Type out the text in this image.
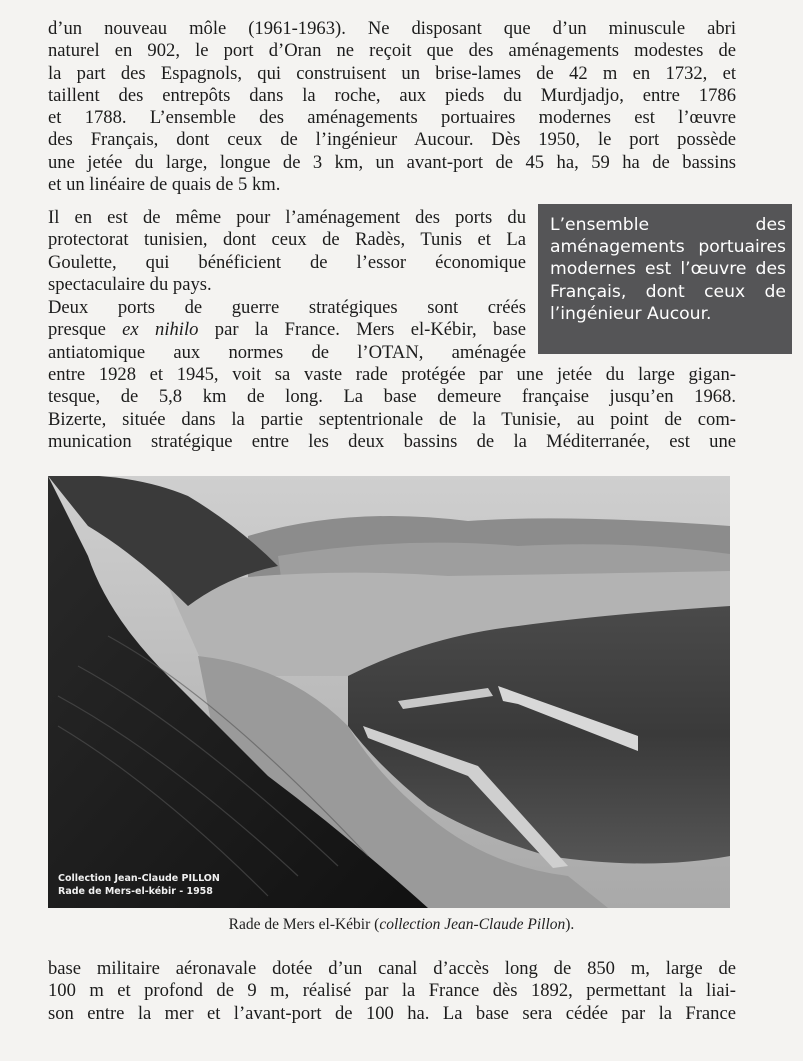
d’un nouveau môle (1961-1963). Ne disposant que d’un minuscule abri
naturel en 902, le port d’Oran ne reçoit que des aménagements modestes de
la part des Espagnols, qui construisent un brise-lames de 42 m en 1732, et
taillent des entrepôts dans la roche, aux pieds du Murdjadjo, entre 1786
et 1788. L’ensemble des aménagements portuaires modernes est l’œuvre
des Français, dont ceux de l’ingénieur Aucour. Dès 1950, le port possède
une jetée du large, longue de 3 km, un avant-port de 45 ha, 59 ha de bassins
et un linéaire de quais de 5 km.
Il en est de même pour l’aménagement des ports du
protectorat tunisien, dont ceux de Radès, Tunis et La
Goulette, qui bénéficient de l’essor économique
spectaculaire du pays.
Deux ports de guerre stratégiques sont créés
presque ex nihilo par la France. Mers el-Kébir, base
antiatomique aux normes de l’OTAN, aménagée
entre 1928 et 1945, voit sa vaste rade protégée par une jetée du large gigan-
tesque, de 5,8 km de long. La base demeure française jusqu’en 1968.
Bizerte, située dans la partie septentrionale de la Tunisie, au point de com-
munication stratégique entre les deux bassins de la Méditerranée, est une
L’ensemble des aménagements portuaires modernes est l’œuvre des Français, dont ceux de l’ingénieur Aucour.
Collection Jean-Claude PILLON
Rade de Mers-el-kébir - 1958
Rade de Mers el-Kébir (collection Jean-Claude Pillon).
base militaire aéronavale dotée d’un canal d’accès long de 850 m, large de
100 m et profond de 9 m, réalisé par la France dès 1892, permettant la liai-
son entre la mer et l’avant-port de 100 ha. La base sera cédée par la France
